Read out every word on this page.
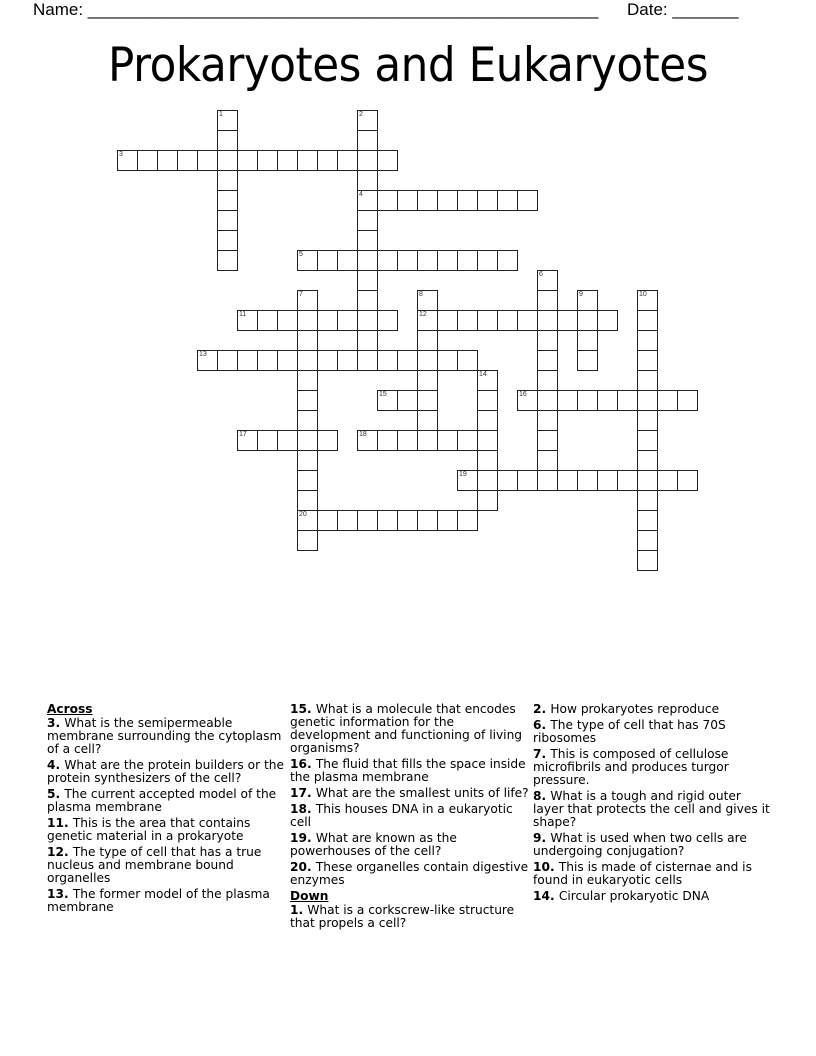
Name: ______________________________________________________ Date: _______
Prokaryotes and Eukaryotes
1	2
4
3
5
6
7
20
8
12
9	10
11
13
14
15	16
17	18
19
Across
3. What is the semipermeable membrane surrounding the cytoplasm of a cell?
4. What are the protein builders or the protein synthesizers of the cell?
5. The current accepted model of the plasma membrane
11. This is the area that contains genetic material in a prokaryote
12. The type of cell that has a true nucleus and membrane bound organelles
13. The former model of the plasma membrane
15. What is a molecule that encodes genetic information for the development and functioning of living organisms?
16. The fluid that fills the space inside the plasma membrane
17. What are the smallest units of life?
18. This houses DNA in a eukaryotic cell
19. What are known as the powerhouses of the cell?
20. These organelles contain digestive enzymes
Down
1. What is a corkscrew-like structure that propels a cell?
2. How prokaryotes reproduce
6. The type of cell that has 70S ribosomes
7. This is composed of cellulose microfibrils and produces turgor pressure.
8. What is a tough and rigid outer layer that protects the cell and gives it shape?
9. What is used when two cells are undergoing conjugation?
10. This is made of cisternae and is found in eukaryotic cells
14. Circular prokaryotic DNA
